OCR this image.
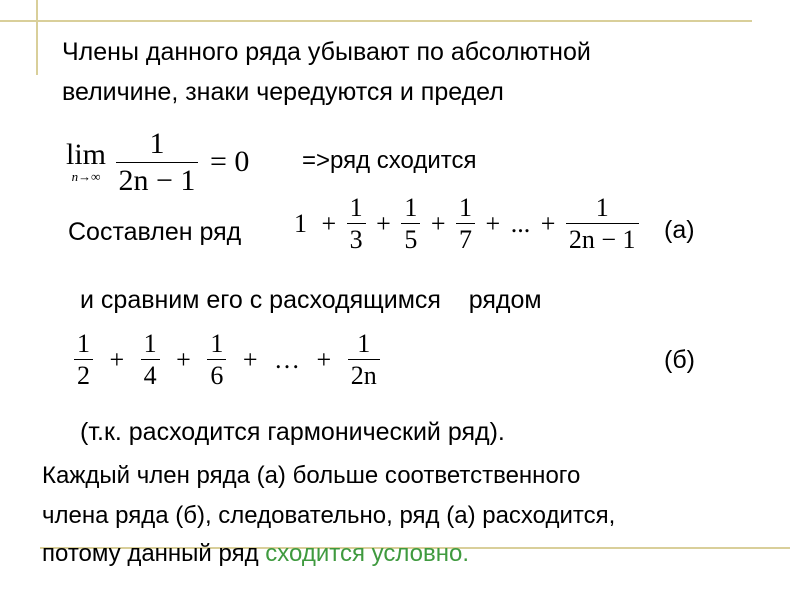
Члены данного ряда убывают по абсолютной
величине, знаки чередуются и предел
lim
n→∞
$\frac{1}{2n - 1} = 0 =>ряд$ сходится
Составлен ряд $1 + \frac{1}{3} + \frac{1}{5} + \frac{1}{7}$ + ... + $\frac{1}{2n - 1} (а)$
и сравним его с расходящимся    рядом
$\frac{1}{2} + \frac{1}{4} + \frac{1}{6}$ + … + $\frac{1}{2n}$	(б)
(т.к. расходится гармонический ряд).
Каждый член ряда (а) больше соответственного
члена ряда (б), следовательно, ряд (а) расходится,
потому данный ряд сходится условно.
